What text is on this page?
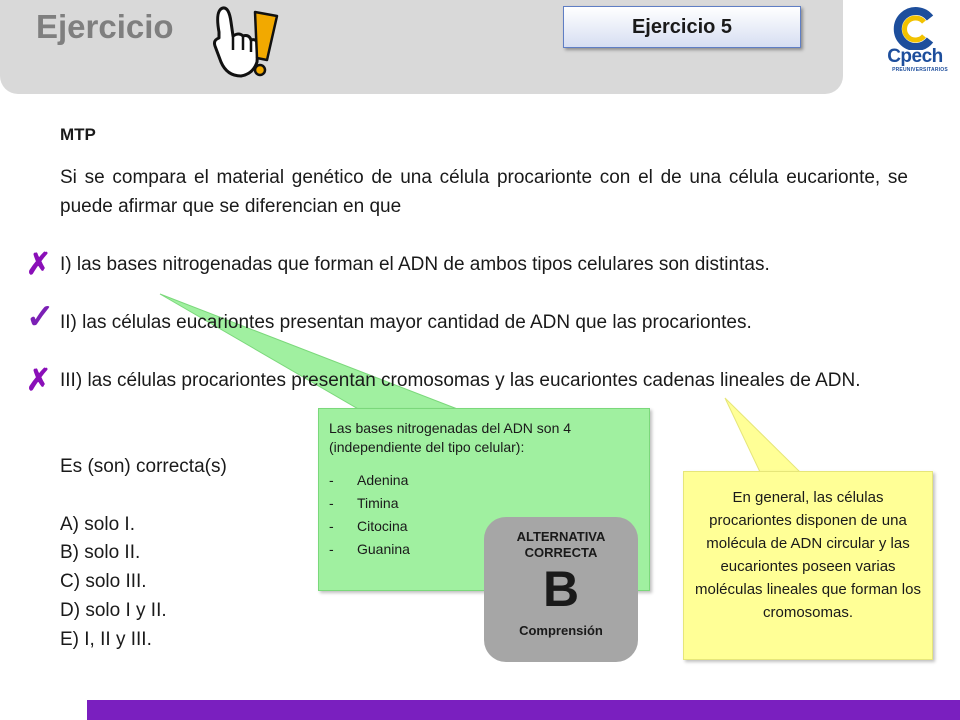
Ejercicio	Ejercicio 5
Cpech
PREUNIVERSITARIOS
MTP
Si se compara el material genético de una célula procarionte con el de una célula eucarionte, se puede afirmar que se diferencian en que
✗ I) las bases nitrogenadas que forman el ADN de ambos tipos celulares son distintas.
✓ II) las células eucariontes presentan mayor cantidad de ADN que las procariontes.
✗ III) las células procariontes presentan cromosomas y las eucariontes cadenas lineales de ADN.
Es (son) correcta(s)
A) solo I.
B) solo II.
C) solo III.
D) solo I y II.
E) I, II y III.
Las bases nitrogenadas del ADN son 4 (independiente del tipo celular):
- Adenina
- Timina
- Citocina
- Guanina
En general, las células procariontes disponen de una molécula de ADN circular y las eucariontes poseen varias moléculas lineales que forman los cromosomas.
ALTERNATIVA CORRECTA
B
Comprensión
